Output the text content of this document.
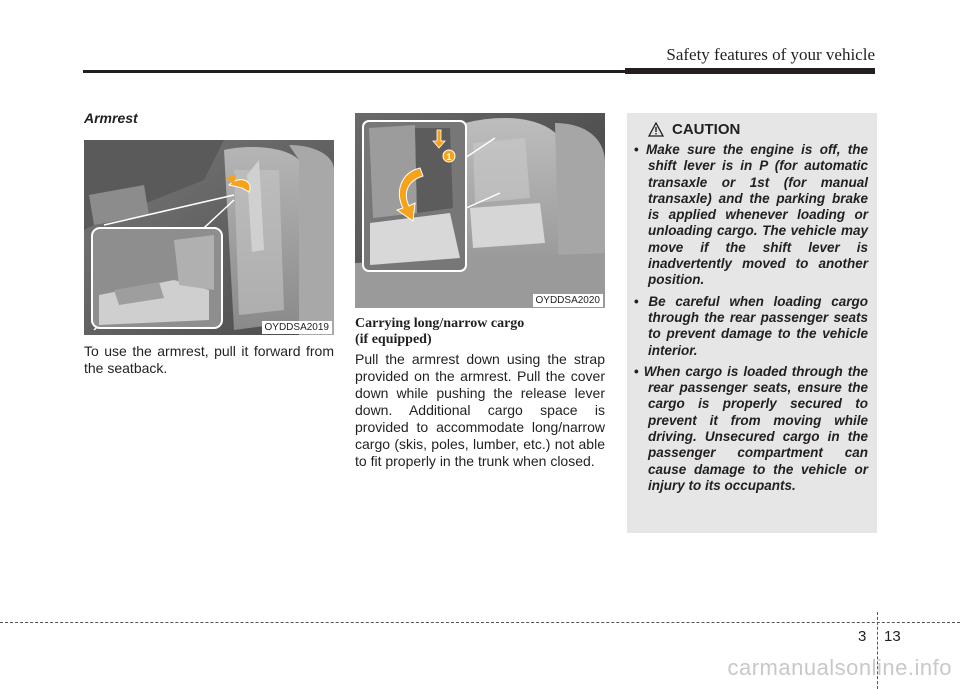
Safety features of your vehicle
Armrest
OYDDSA2019
To use the armrest, pull it forward from the seatback.
1
OYDDSA2020
Carrying long/narrow cargo
(if equipped)
Pull the armrest down using the strap provided on the armrest. Pull the cover down while pushing the release lever down. Additional cargo space is provided to accommodate long/narrow cargo (skis, poles, lumber, etc.) not able to fit properly in the trunk when closed.
CAUTION
• Make sure the engine is off, the shift lever is in P (for automatic transaxle or 1st (for manual transaxle) and the parking brake is applied whenever loading or unloading cargo. The vehicle may move if the shift lever is inadvertently moved to another position.
• Be careful when loading cargo through the rear passenger seats to prevent damage to the vehicle interior.
• When cargo is loaded through the rear passenger seats, ensure the cargo is properly secured to prevent it from moving while driving. Unsecured cargo in the passenger compartment can cause damage to the vehicle or injury to its occupants.
3 13
carmanualsonline.info
